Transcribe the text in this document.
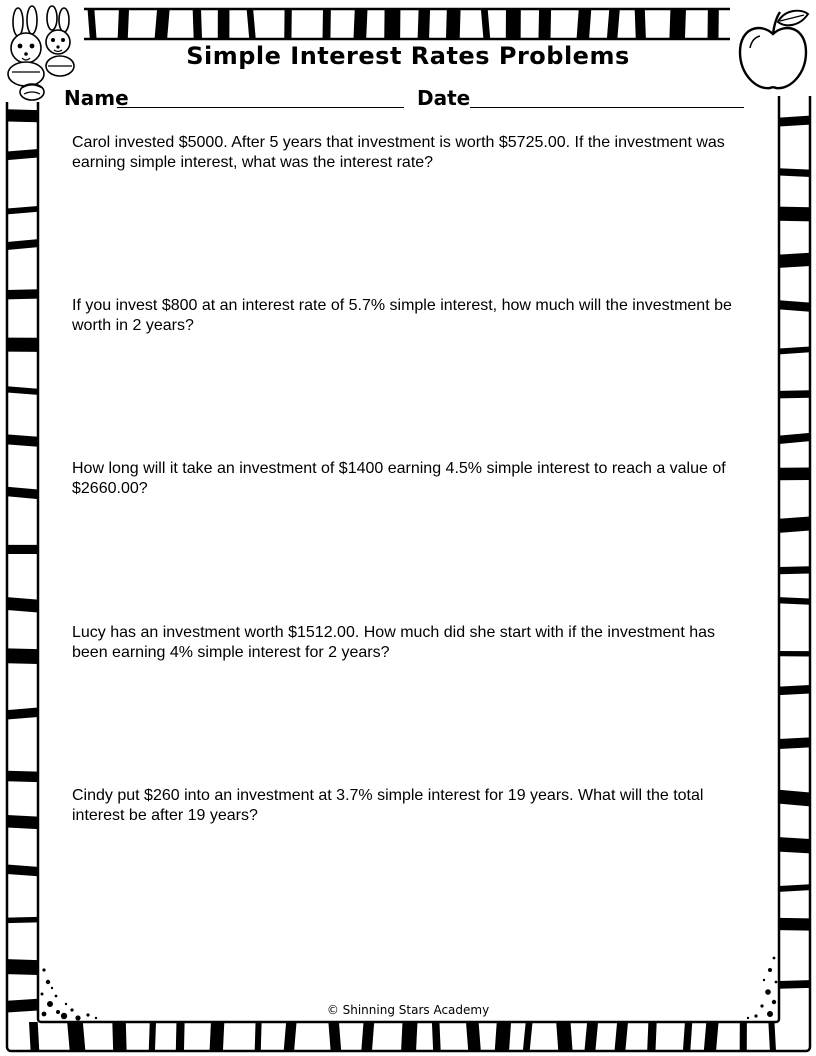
Simple Interest Rates Problems
Name	Date
Carol invested $5000. After 5 years that investment is worth $5725.00. If the investment was earning simple interest, what was the interest rate?
If you invest $800 at an interest rate of 5.7% simple interest, how much will the investment be worth in 2 years?
How long will it take an investment of $1400 earning 4.5% simple interest to reach a value of $2660.00?
Lucy has an investment worth $1512.00. How much did she start with if the investment has been earning 4% simple interest for 2 years?
Cindy put $260 into an investment at 3.7% simple interest for 19 years. What will the total interest be after 19 years?
© Shinning Stars Academy
